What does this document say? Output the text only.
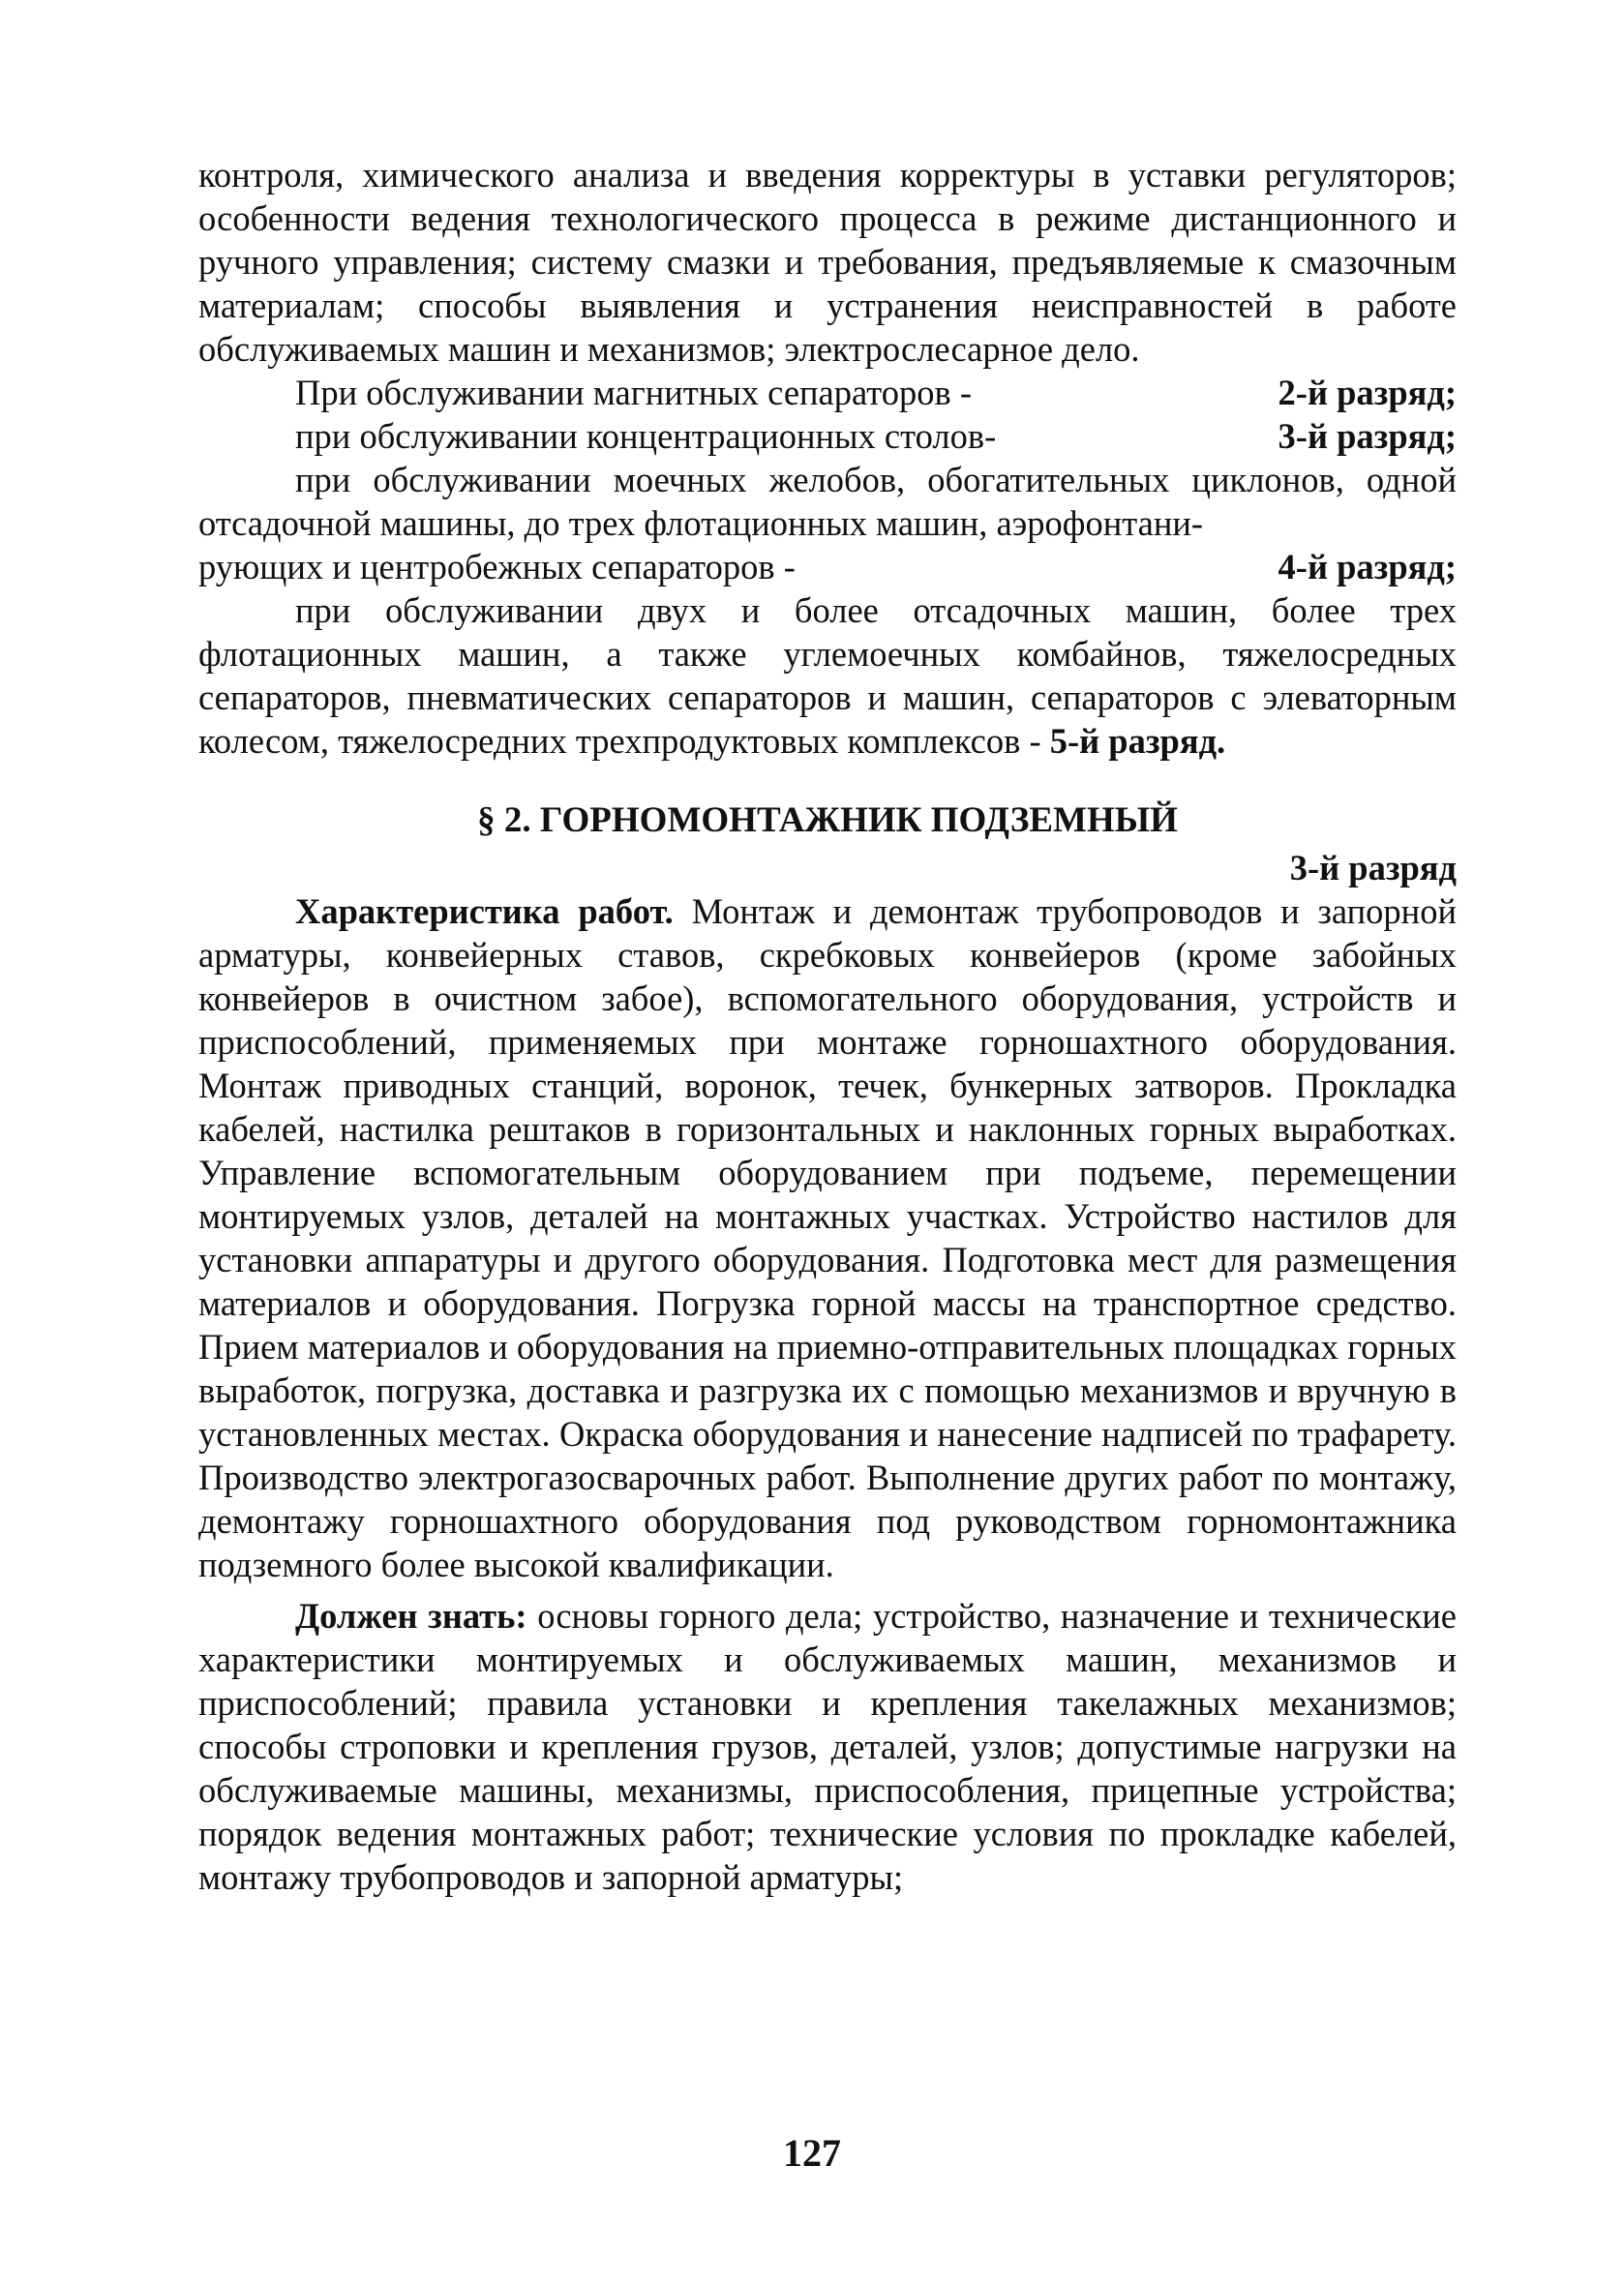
контроля, химического анализа и введения корректуры в уставки регуляторов; особенности ведения технологического процесса в режиме дистанционного и ручного управления; систему смазки и требования, предъявляемые к смазочным материалам; способы выявления и устранения неисправностей в работе обслуживаемых машин и механизмов; электрослесарное дело.

При обслуживании магнитных сепараторов -	2-й разряд;
при обслуживании концентрационных столов-	3-й разряд;

при обслуживании моечных желобов, обогатительных циклонов, одной отсадочной машины, до трех флотационных машин, аэрофонтани-

рующих и центробежных сепараторов -	4-й разряд;

при обслуживании двух и более отсадочных машин, более трех флотационных машин, а также углемоечных комбайнов, тяжелосредных сепараторов, пневматических сепараторов и машин, сепараторов с элеваторным колесом, тяжелосредних трехпродуктовых комплексов - 5-й разряд.

§ 2. ГОРНОМОНТАЖНИК ПОДЗЕМНЫЙ
3-й разряд

Характеристика работ. Монтаж и демонтаж трубопроводов и запорной арматуры, конвейерных ставов, скребковых конвейеров (кроме забойных конвейеров в очистном забое), вспомогательного оборудования, устройств и приспособлений, применяемых при монтаже горношахтного оборудования. Монтаж приводных станций, воронок, течек, бункерных затворов. Прокладка кабелей, настилка рештаков в горизонтальных и наклонных горных выработках. Управление вспомогательным оборудованием при подъеме, перемещении монтируемых узлов, деталей на монтажных участках. Устройство настилов для установки аппаратуры и другого оборудования. Подготовка мест для размещения материалов и оборудования. Погрузка горной массы на транспортное средство. Прием материалов и оборудования на приемно-отправительных площадках горных выработок, погрузка, доставка и разгрузка их с помощью механизмов и вручную в установленных местах. Окраска оборудования и нанесение надписей по трафарету. Производство электрогазосварочных работ. Выполнение других работ по монтажу, демонтажу горношахтного оборудования под руководством горномонтажника подземного более высокой квалификации.

Должен знать: основы горного дела; устройство, назначение и технические характеристики монтируемых и обслуживаемых машин, механизмов и приспособлений; правила установки и крепления такелажных механизмов; способы строповки и крепления грузов, деталей, узлов; допустимые нагрузки на обслуживаемые машины, механизмы, приспособления, прицепные устройства; порядок ведения монтажных работ; технические условия по прокладке кабелей, монтажу трубопроводов и запорной арматуры;

127
